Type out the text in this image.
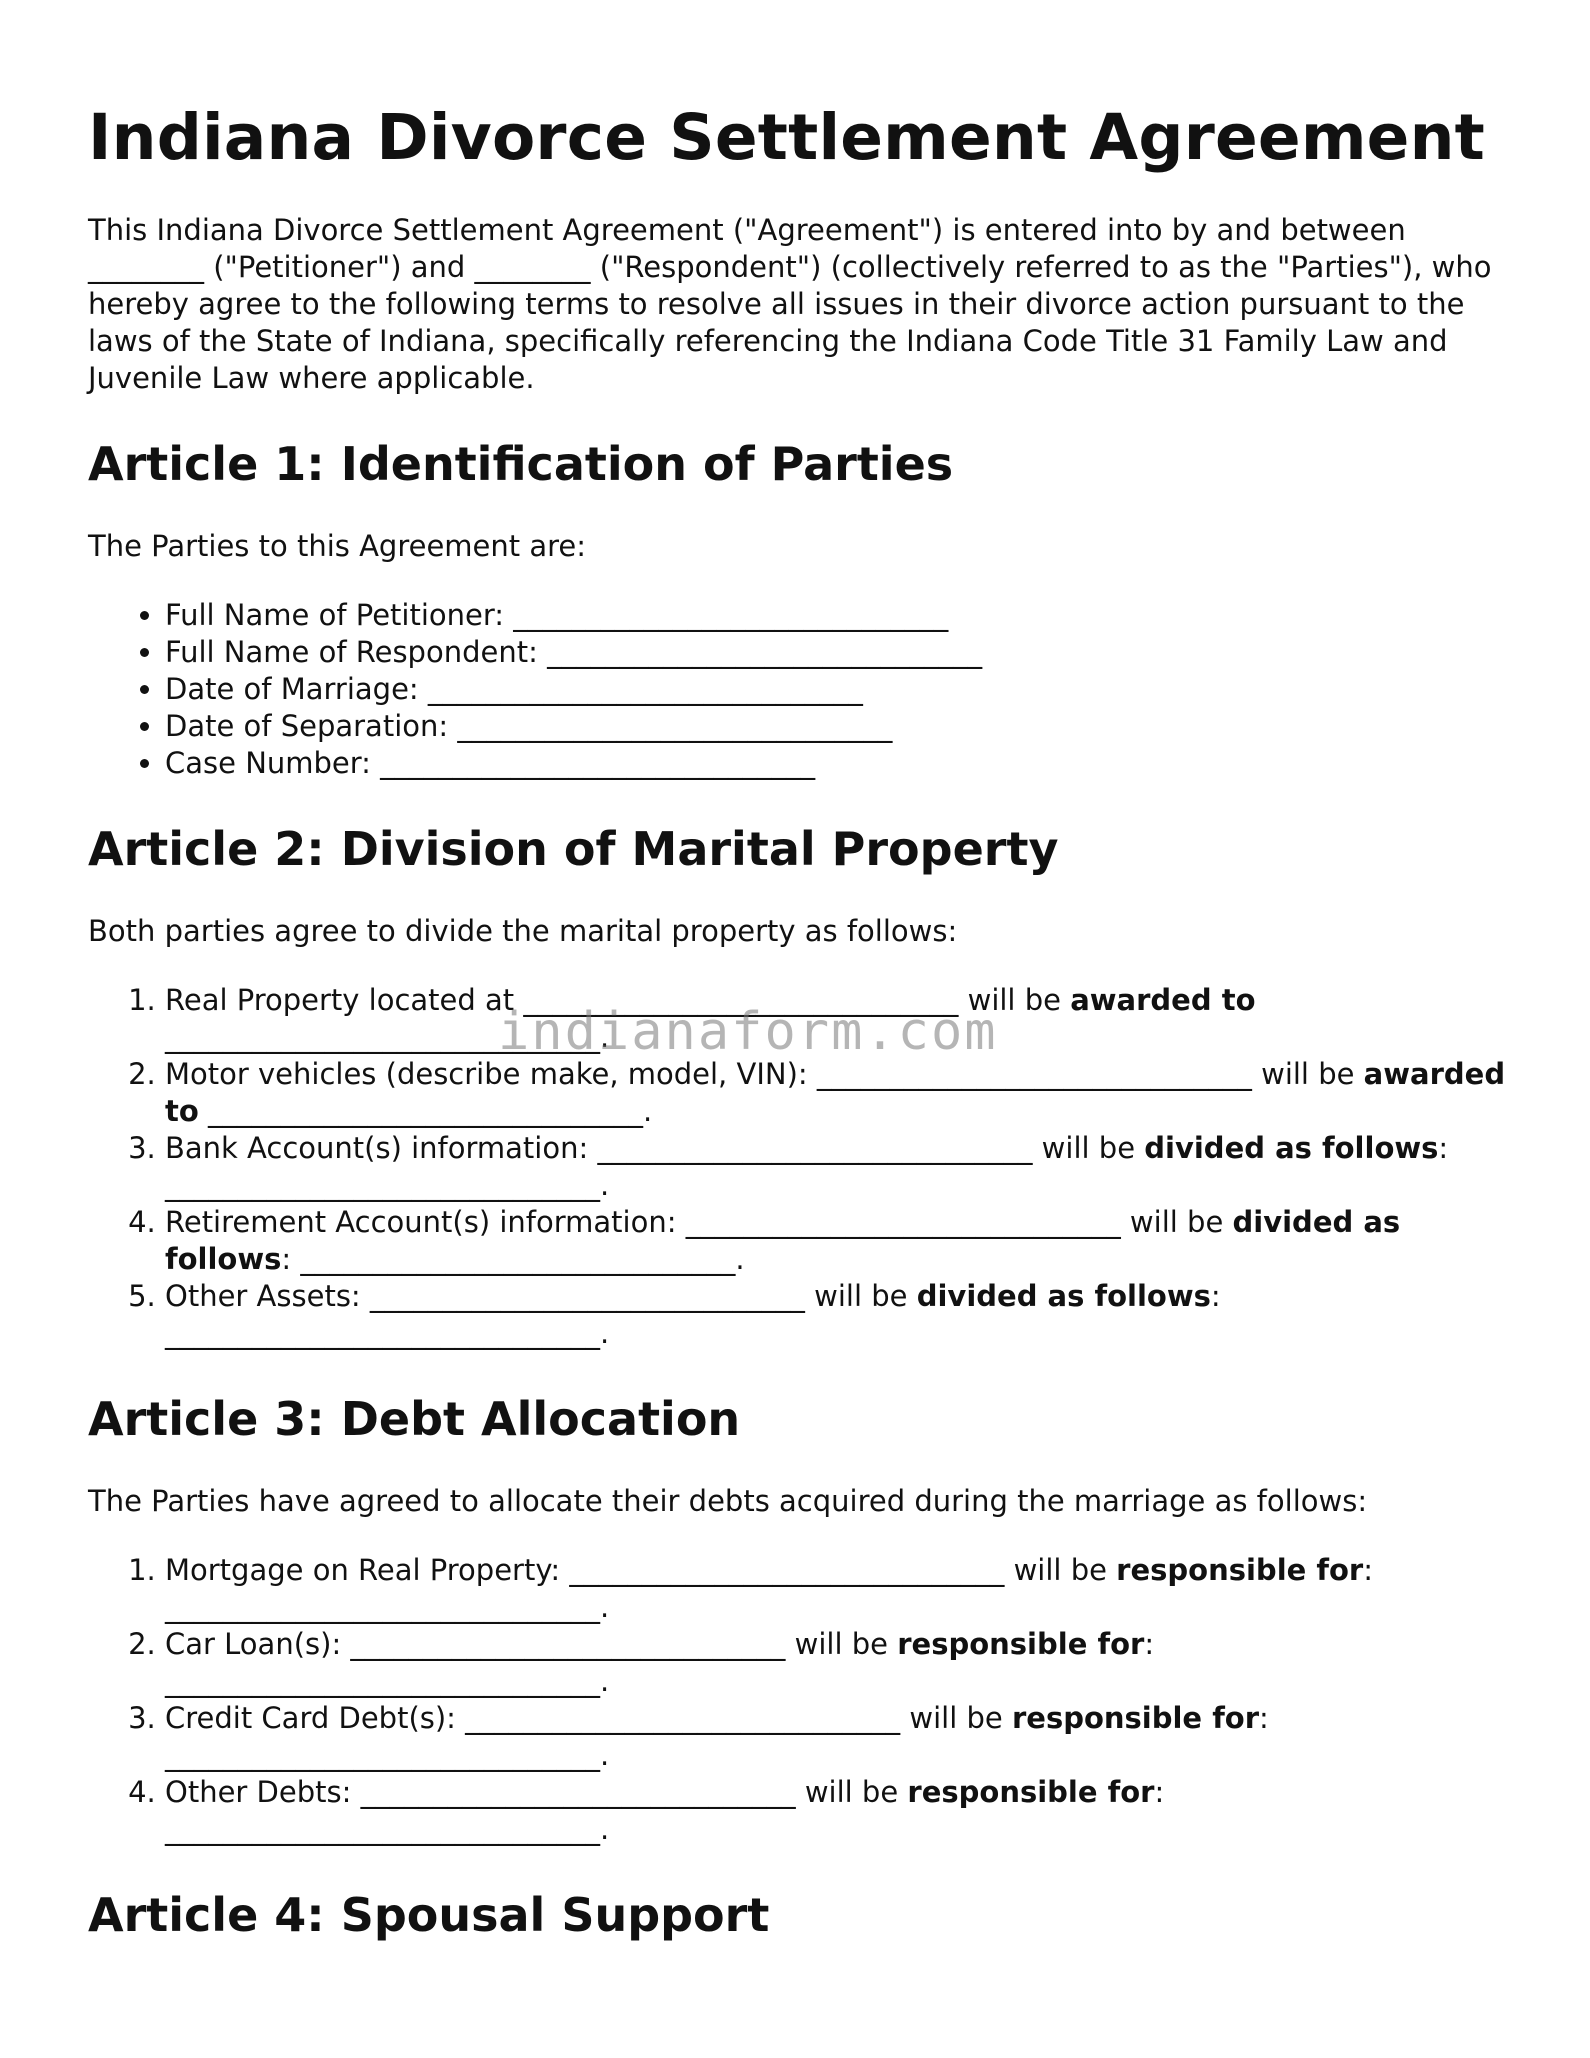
Indiana Divorce Settlement Agreement

This Indiana Divorce Settlement Agreement ("Agreement") is entered into by and between ________ ("Petitioner") and ________ ("Respondent") (collectively referred to as the "Parties"), who hereby agree to the following terms to resolve all issues in their divorce action pursuant to the laws of the State of Indiana, specifically referencing the Indiana Code Title 31 Family Law and Juvenile Law where applicable.

Article 1: Identification of Parties

The Parties to this Agreement are:

• Full Name of Petitioner: ______________________________
• Full Name of Respondent: ______________________________
• Date of Marriage: ______________________________
• Date of Separation: ______________________________
• Case Number: ______________________________
Article 2: Division of Marital Property

Both parties agree to divide the marital property as follows:

1. Real Property located at ______________________________ will be awarded to ______________________________.
2. Motor vehicles (describe make, model, VIN): ______________________________ will be awarded to ______________________________.
3. Bank Account(s) information: ______________________________ will be divided as follows: ______________________________.
4. Retirement Account(s) information: ______________________________ will be divided as follows: ______________________________.
5. Other Assets: ______________________________ will be divided as follows: ______________________________.
Article 3: Debt Allocation

The Parties have agreed to allocate their debts acquired during the marriage as follows:

1. Mortgage on Real Property: ______________________________ will be responsible for: ______________________________.
2. Car Loan(s): ______________________________ will be responsible for: ______________________________.
3. Credit Card Debt(s): ______________________________ will be responsible for: ______________________________.
4. Other Debts: ______________________________ will be responsible for: ______________________________.
Article 4: Spousal Support
indianaform.com
